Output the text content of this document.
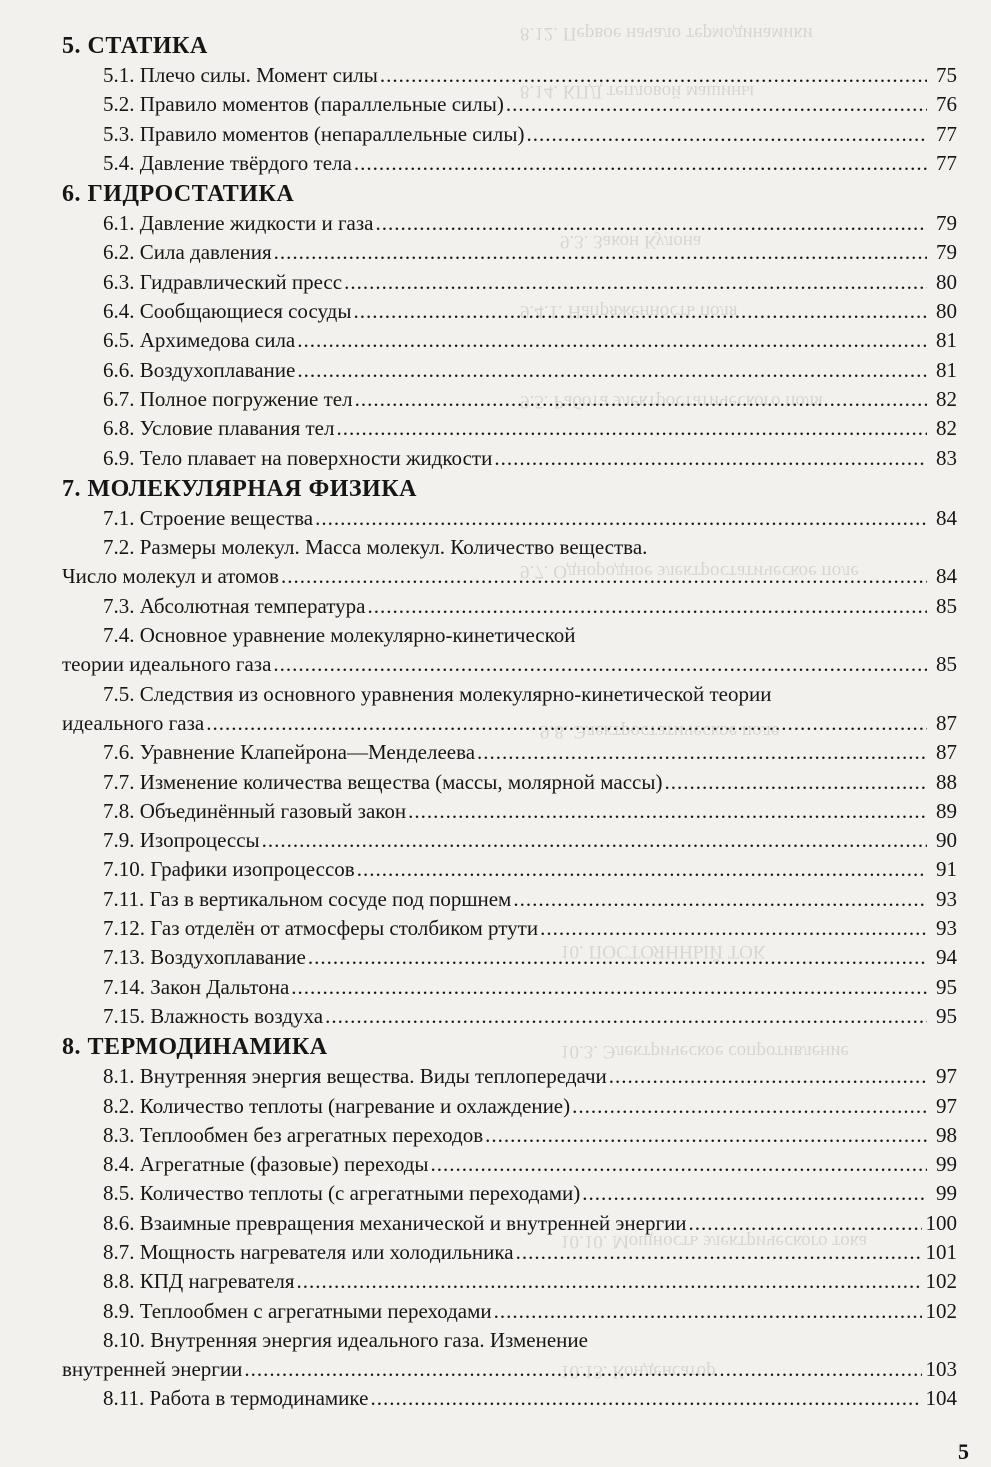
8.12. Первое начало термодинамики
8.14. КПД тепловой машины
9.3. Закон Кулона
9.4.1. Напряжённость поля
9.5. Работа электростатического поля
9.7. Однородное электростатическое поле
9.8. Электростатическое поле
10. ПОСТОЯННЫЙ ТОК
10.3. Электрическое сопротивление
10.10. Мощность электрического тока
10.13. Конденсатор
5. СТАТИКА
5.1. Плечо силы. Момент силы .....	75
5.2. Правило моментов (параллельные силы) .....	76
5.3. Правило моментов (непараллельные силы) .....	77
5.4. Давление твёрдого тела .....	77
6. ГИДРОСТАТИКА
6.1. Давление жидкости и газа .....	79
6.2. Сила давления .....	79
6.3. Гидравлический пресс .....	80
6.4. Сообщающиеся сосуды .....	80
6.5. Архимедова сила .....	81
6.6. Воздухоплавание .....	81
6.7. Полное погружение тел .....	82
6.8. Условие плавания тел .....	82
6.9. Тело плавает на поверхности жидкости .....	83
7. МОЛЕКУЛЯРНАЯ ФИЗИКА
7.1. Строение вещества .....	84
7.2. Размеры молекул. Масса молекул. Количество вещества.
Число молекул и атомов .....	84
7.3. Абсолютная температура .....	85
7.4. Основное уравнение молекулярно-кинетической
теории идеального газа .....	85
7.5. Следствия из основного уравнения молекулярно-кинетической теории
идеального газа .....	87
7.6. Уравнение Клапейрона—Менделеева .....	87
7.7. Изменение количества вещества (массы, молярной массы) .....	88
7.8. Объединённый газовый закон .....	89
7.9. Изопроцессы .....	90
7.10. Графики изопроцессов .....	91
7.11. Газ в вертикальном сосуде под поршнем .....	93
7.12. Газ отделён от атмосферы столбиком ртути .....	93
7.13. Воздухоплавание .....	94
7.14. Закон Дальтона .....	95
7.15. Влажность воздуха .....	95
8. ТЕРМОДИНАМИКА
8.1. Внутренняя энергия вещества. Виды теплопередачи .....	97
8.2. Количество теплоты (нагревание и охлаждение) .....	97
8.3. Теплообмен без агрегатных переходов .....	98
8.4. Агрегатные (фазовые) переходы .....	99
8.5. Количество теплоты (с агрегатными переходами) .....	99
8.6. Взаимные превращения механической и внутренней энергии .....	100
8.7. Мощность нагревателя или холодильника .....	101
8.8. КПД нагревателя .....	102
8.9. Теплообмен с агрегатными переходами .....	102
8.10. Внутренняя энергия идеального газа. Изменение
внутренней энергии .....	103
8.11. Работа в термодинамике .....	104
5
